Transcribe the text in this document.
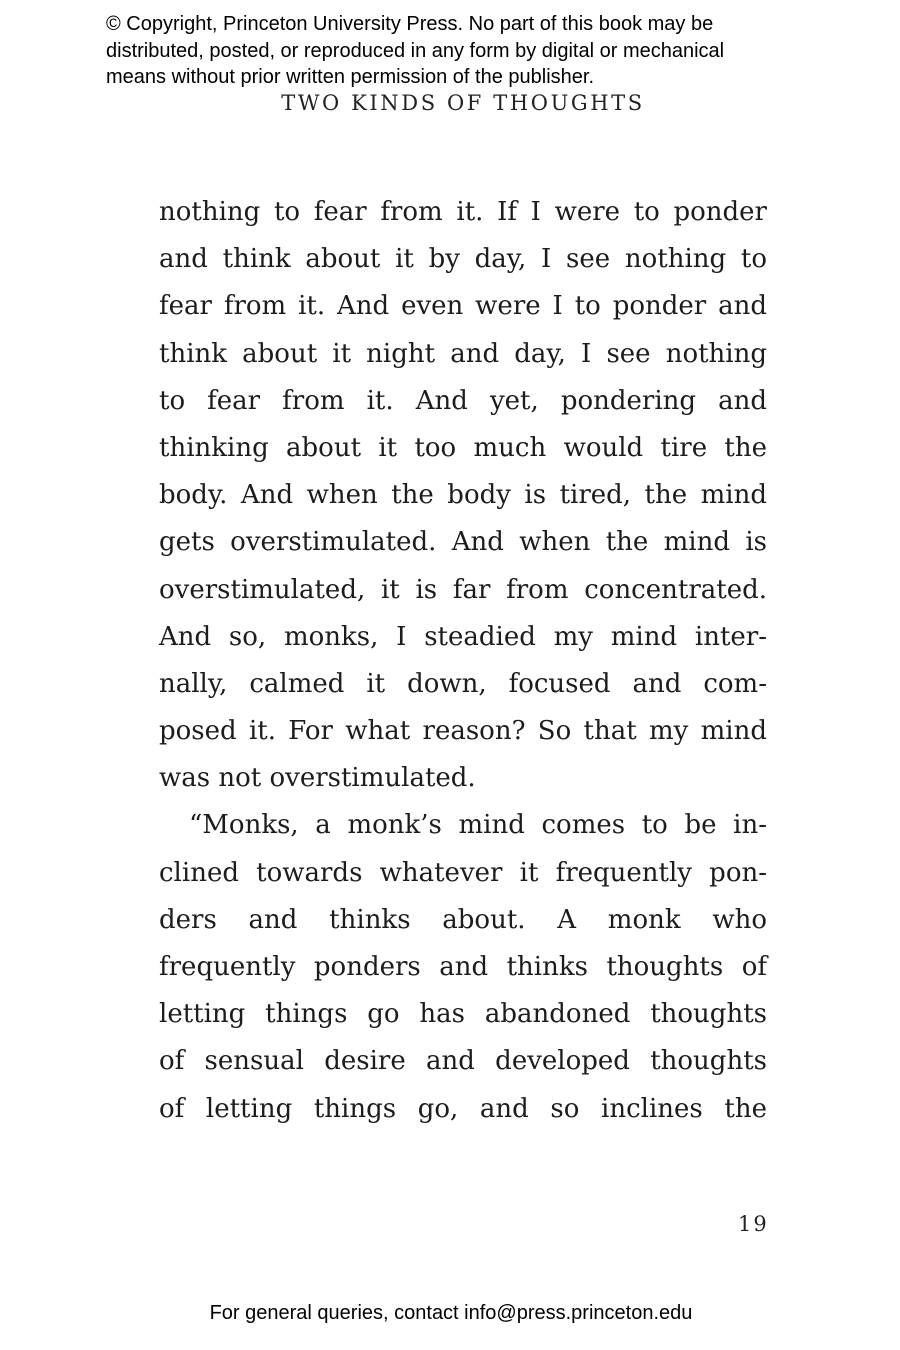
© Copyright, Princeton University Press. No part of this book may be
distributed, posted, or reproduced in any form by digital or mechanical
means without prior written permission of the publisher.
TWO KINDS OF THOUGHTS
nothing to fear from it. If I were to ponder
and think about it by day, I see nothing to
fear from it. And even were I to ponder and
think about it night and day, I see nothing
to fear from it. And yet, pondering and
thinking about it too much would tire the
body. And when the body is tired, the mind
gets overstimulated. And when the mind is
overstimulated, it is far from concentrated.
And so, monks, I steadied my mind inter-
nally, calmed it down, focused and com-
posed it. For what reason? So that my mind
was not overstimulated.
“Monks, a monk’s mind comes to be in-
clined towards whatever it frequently pon-
ders and thinks about. A monk who
frequently ponders and thinks thoughts of
letting things go has abandoned thoughts
of sensual desire and developed thoughts
of letting things go, and so inclines the
19
For general queries, contact info@press.princeton.edu
